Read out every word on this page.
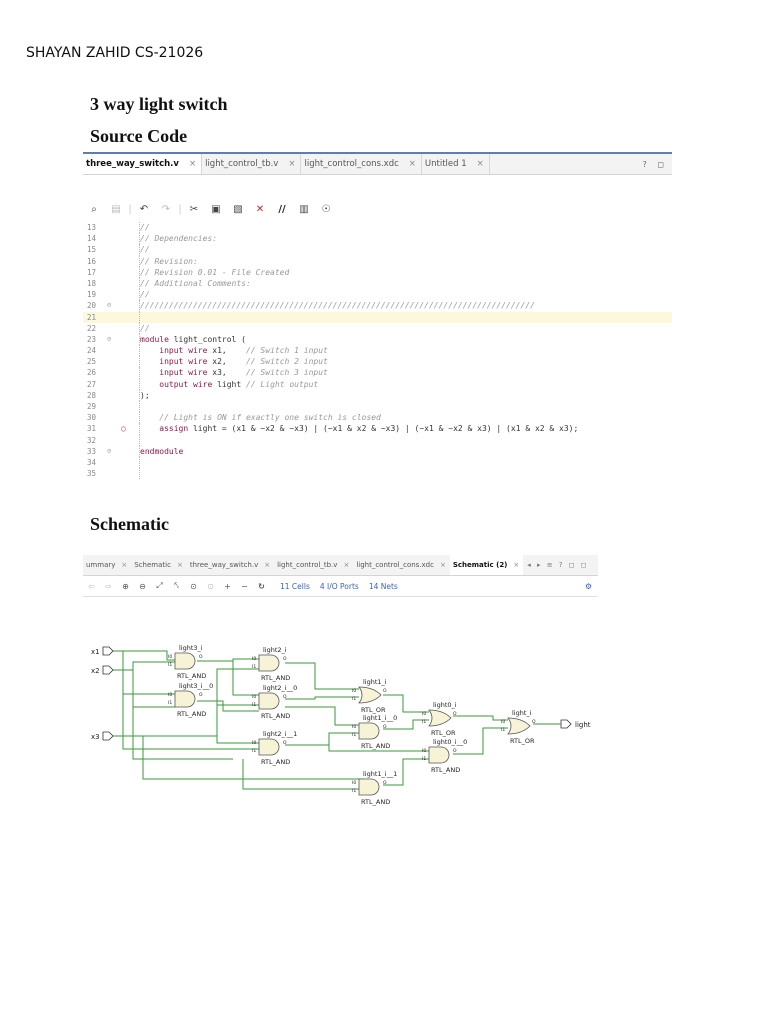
SHAYAN ZAHID CS-21026
3 way light switch
Source Code
three_way_switch.v × light_control_tb.v × light_control_cons.xdc × Untitled 1 ×	? ◻
⌕	▤ | ↶	↷ | ✂	▣	▧	✕	//	▥	☉
13	//
14	// Dependencies:
15	//
16	// Revision:
17	// Revision 0.01 - File Created
18	// Additional Comments:
19	//
20	⊝	//////////////////////////////////////////////////////////////////////////////////
21
22	//
23	⊝	module light_control (
24	input wire x1,    // Switch 1 input
25	input wire x2,    // Switch 2 input
26	input wire x3,    // Switch 3 input
27	output wire light // Light output
28	);
29
30	// Light is ON if exactly one switch is closed
31	○	assign light = (x1 & ~x2 & ~x3) | (~x1 & x2 & ~x3) | (~x1 & ~x2 & x3) | (x1 & x2 & x3);
32
33	⊝	endmodule
34
35
Schematic
ummary × Schematic × three_way_switch.v × light_control_tb.v × light_control_cons.xdc × Schematic (2) × ◂ ▸ ≡ ? ◻ ◻
⇦	⇨	⊕	⊖	⤢	⤣	⊙	⊙	+	−	↻	11 Cells 4 I/O Ports 14 Nets	⚙
x1
x2
x3
light
light3_i
I0
I1
O
RTL_AND
light3_i__0
I0
I1
O
RTL_AND
light2_i
I0
I1
O
RTL_AND
light2_i__0
I0
I1
O
RTL_AND
light2_i__1
I0
I1
O
RTL_AND
light1_i
I0
I1
O
RTL_OR
light1_i__0
I0
I1
O
RTL_AND
light1_i__1
I0
I1
O
RTL_AND
light0_i
I0
I1
O
RTL_OR
light0_i__0
I0
I1
O
RTL_AND
light_i
I0
I1
O
RTL_OR
